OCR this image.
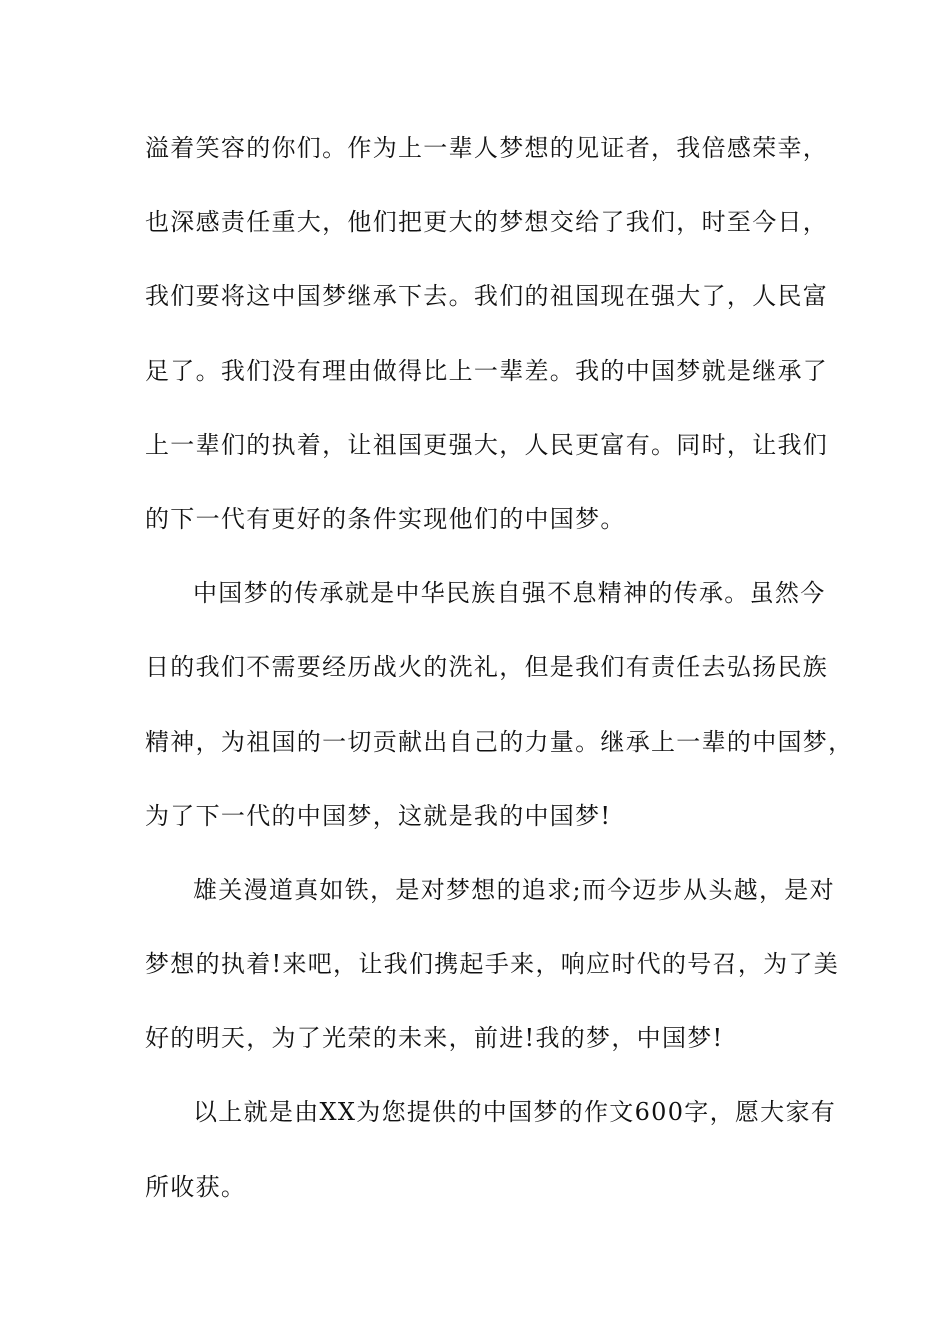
溢着笑容的你们。作为上一辈人梦想的见证者，我倍感荣幸，
也深感责任重大，他们把更大的梦想交给了我们，时至今日，
我们要将这中国梦继承下去。我们的祖国现在强大了，人民富
足了。我们没有理由做得比上一辈差。我的中国梦就是继承了
上一辈们的执着，让祖国更强大，人民更富有。同时，让我们
的下一代有更好的条件实现他们的中国梦。
中国梦的传承就是中华民族自强不息精神的传承。虽然今
日的我们不需要经历战火的洗礼，但是我们有责任去弘扬民族
精神，为祖国的一切贡献出自己的力量。继承上一辈的中国梦，
为了下一代的中国梦，这就是我的中国梦!
雄关漫道真如铁，是对梦想的追求;而今迈步从头越，是对
梦想的执着!来吧，让我们携起手来，响应时代的号召，为了美
好的明天，为了光荣的未来，前进!我的梦，中国梦!
以上就是由XX为您提供的中国梦的作文600字，愿大家有
所收获。
